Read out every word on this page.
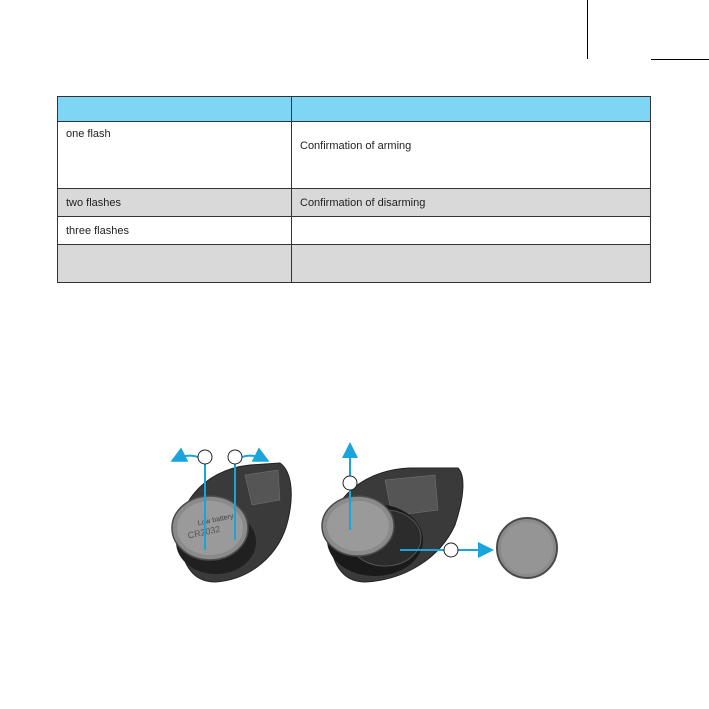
one flash	Confirmation of arming
two flashes	Confirmation of disarming
three flashes	

Low battery
CR2032
